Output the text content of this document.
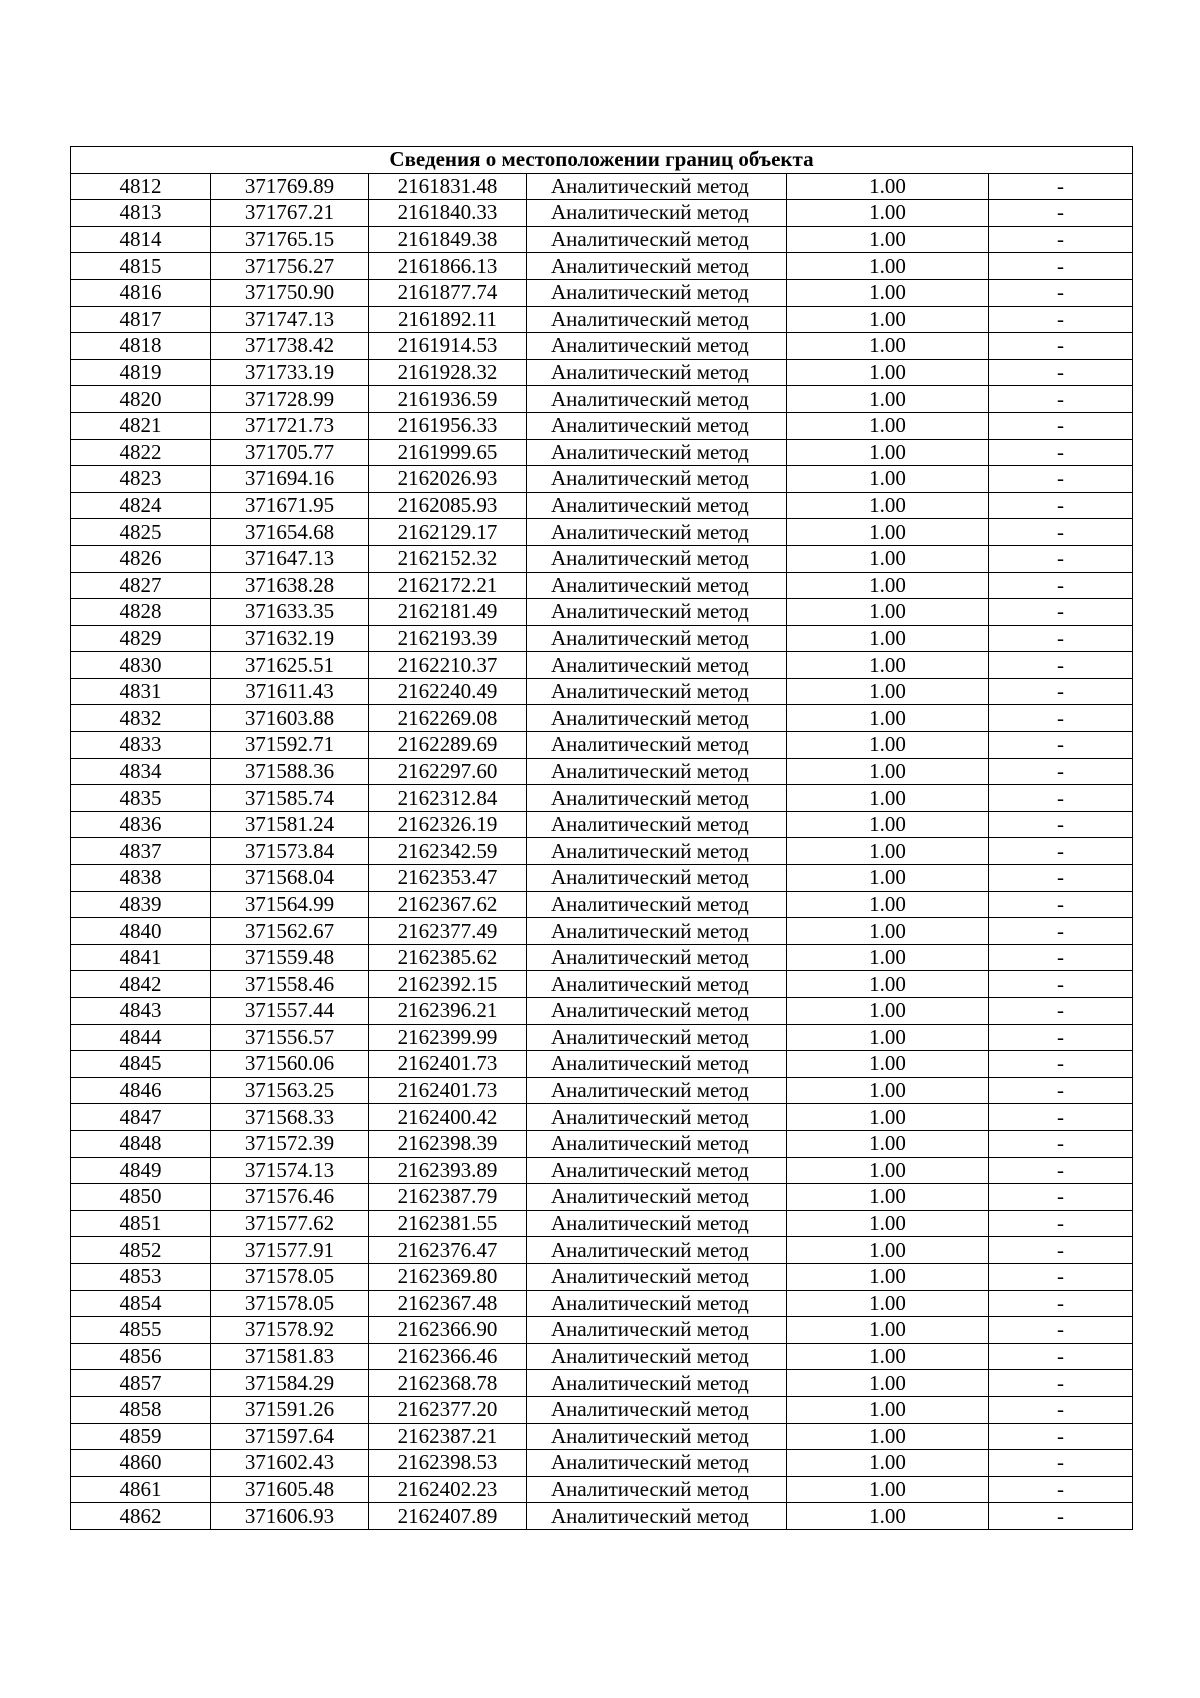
Сведения о местоположении границ объекта					
4812	371769.89	2161831.48	Аналитический метод	1.00	-
4813	371767.21	2161840.33	Аналитический метод	1.00	-
4814	371765.15	2161849.38	Аналитический метод	1.00	-
4815	371756.27	2161866.13	Аналитический метод	1.00	-
4816	371750.90	2161877.74	Аналитический метод	1.00	-
4817	371747.13	2161892.11	Аналитический метод	1.00	-
4818	371738.42	2161914.53	Аналитический метод	1.00	-
4819	371733.19	2161928.32	Аналитический метод	1.00	-
4820	371728.99	2161936.59	Аналитический метод	1.00	-
4821	371721.73	2161956.33	Аналитический метод	1.00	-
4822	371705.77	2161999.65	Аналитический метод	1.00	-
4823	371694.16	2162026.93	Аналитический метод	1.00	-
4824	371671.95	2162085.93	Аналитический метод	1.00	-
4825	371654.68	2162129.17	Аналитический метод	1.00	-
4826	371647.13	2162152.32	Аналитический метод	1.00	-
4827	371638.28	2162172.21	Аналитический метод	1.00	-
4828	371633.35	2162181.49	Аналитический метод	1.00	-
4829	371632.19	2162193.39	Аналитический метод	1.00	-
4830	371625.51	2162210.37	Аналитический метод	1.00	-
4831	371611.43	2162240.49	Аналитический метод	1.00	-
4832	371603.88	2162269.08	Аналитический метод	1.00	-
4833	371592.71	2162289.69	Аналитический метод	1.00	-
4834	371588.36	2162297.60	Аналитический метод	1.00	-
4835	371585.74	2162312.84	Аналитический метод	1.00	-
4836	371581.24	2162326.19	Аналитический метод	1.00	-
4837	371573.84	2162342.59	Аналитический метод	1.00	-
4838	371568.04	2162353.47	Аналитический метод	1.00	-
4839	371564.99	2162367.62	Аналитический метод	1.00	-
4840	371562.67	2162377.49	Аналитический метод	1.00	-
4841	371559.48	2162385.62	Аналитический метод	1.00	-
4842	371558.46	2162392.15	Аналитический метод	1.00	-
4843	371557.44	2162396.21	Аналитический метод	1.00	-
4844	371556.57	2162399.99	Аналитический метод	1.00	-
4845	371560.06	2162401.73	Аналитический метод	1.00	-
4846	371563.25	2162401.73	Аналитический метод	1.00	-
4847	371568.33	2162400.42	Аналитический метод	1.00	-
4848	371572.39	2162398.39	Аналитический метод	1.00	-
4849	371574.13	2162393.89	Аналитический метод	1.00	-
4850	371576.46	2162387.79	Аналитический метод	1.00	-
4851	371577.62	2162381.55	Аналитический метод	1.00	-
4852	371577.91	2162376.47	Аналитический метод	1.00	-
4853	371578.05	2162369.80	Аналитический метод	1.00	-
4854	371578.05	2162367.48	Аналитический метод	1.00	-
4855	371578.92	2162366.90	Аналитический метод	1.00	-
4856	371581.83	2162366.46	Аналитический метод	1.00	-
4857	371584.29	2162368.78	Аналитический метод	1.00	-
4858	371591.26	2162377.20	Аналитический метод	1.00	-
4859	371597.64	2162387.21	Аналитический метод	1.00	-
4860	371602.43	2162398.53	Аналитический метод	1.00	-
4861	371605.48	2162402.23	Аналитический метод	1.00	-
4862	371606.93	2162407.89	Аналитический метод	1.00	-
